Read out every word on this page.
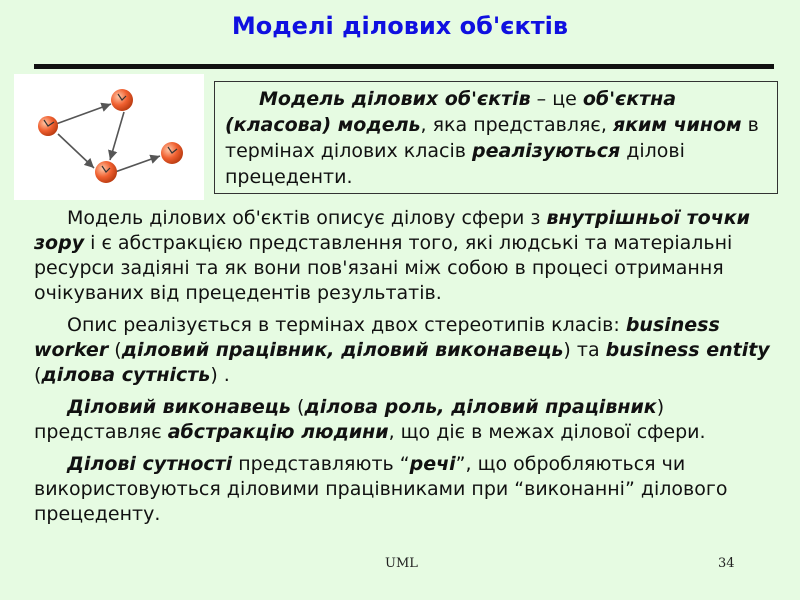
Моделі ділових об'єктів
Модель ділових об'єктів – це об'єктна (класова) модель, яка представляє, яким чином в термінах ділових класів реалізуються ділові прецеденти.

Модель ділових об'єктів описує ділову сфери з внутрішньої точки зору і є абстракцією представлення того, які людські та матеріальні ресурси задіяні та як вони пов'язані між собою в процесі отримання очікуваних від прецедентів результатів.

Опис реалізується в термінах двох стереотипів класів: business worker (діловий працівник, діловий виконавець) та business entity (ділова сутність) .

Діловий виконавець (ділова роль, діловий працівник) представляє абстракцію людини, що діє в межах ділової сфери.

Ділові сутності представляють “речі”, що обробляються чи використовуються діловими працівниками при “виконанні” ділового прецеденту.

UML	34
